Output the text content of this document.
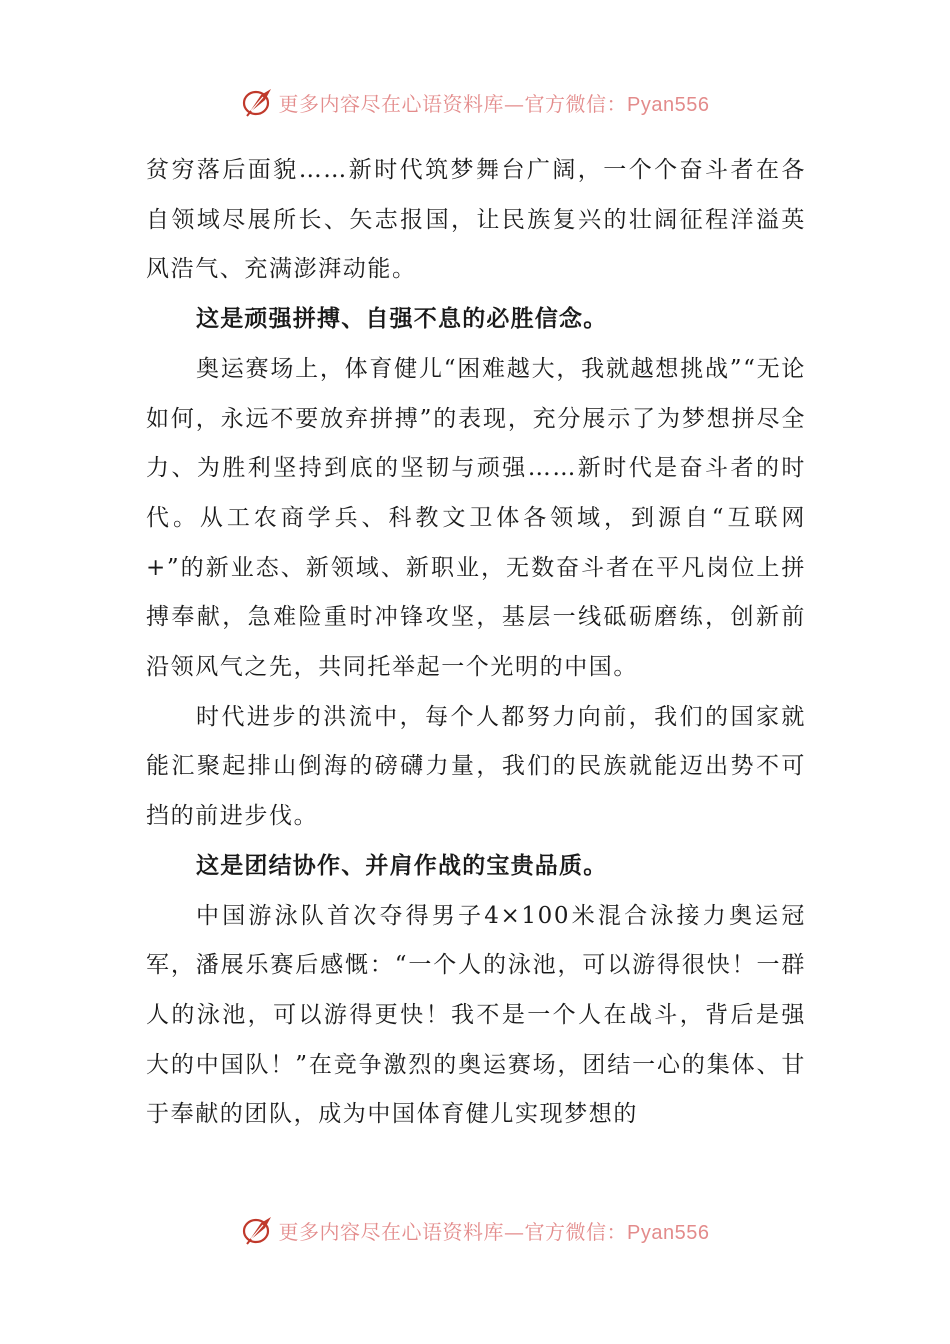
更多内容尽在心语资料库—官方微信：Pyan556

贫穷落后面貌……新时代筑梦舞台广阔，一个个奋斗者在各自领域尽展所长、矢志报国，让民族复兴的壮阔征程洋溢英风浩气、充满澎湃动能。

这是顽强拼搏、自强不息的必胜信念。

奥运赛场上，体育健儿“困难越大，我就越想挑战”“无论如何，永远不要放弃拼搏”的表现，充分展示了为梦想拼尽全力、为胜利坚持到底的坚韧与顽强……新时代是奋斗者的时代。从工农商学兵、科教文卫体各领域，到源自“互联网+”的新业态、新领域、新职业，无数奋斗者在平凡岗位上拼搏奉献，急难险重时冲锋攻坚，基层一线砥砺磨练，创新前沿领风气之先，共同托举起一个光明的中国。

时代进步的洪流中，每个人都努力向前，我们的国家就能汇聚起排山倒海的磅礴力量，我们的民族就能迈出势不可挡的前进步伐。

这是团结协作、并肩作战的宝贵品质。

中国游泳队首次夺得男子4×100米混合泳接力奥运冠军，潘展乐赛后感慨：“一个人的泳池，可以游得很快！一群人的泳池，可以游得更快！我不是一个人在战斗，背后是强大的中国队！”在竞争激烈的奥运赛场，团结一心的集体、甘于奉献的团队，成为中国体育健儿实现梦想的

更多内容尽在心语资料库—官方微信：Pyan556
